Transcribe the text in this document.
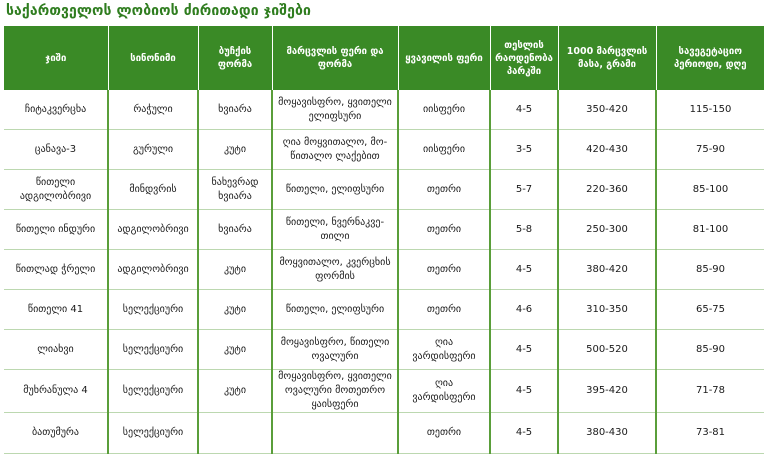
საქართველოს ლობიოს ძირითადი ჯიშები
ჯიში	სინონიმი	ბუჩქის ფორმა	მარცვლის ფერი და ფორმა	ყვავილის ფერი	თესლის რაოდენობა პარკში	1000 მარცვლის მასა, გრამი	სავეგეტაციო პერიოდი, დღე
ჩიტაკვერცხა	რაჭული	ხვიარა	მოყავისფრო, ყვითელი ელიფსური	იისფერი	4-5	350-420	115-150
ცანავა-3	გურული	კუტი	ღია მოყვითალო, მო-წითალო ლაქებით	იისფერი	3-5	420-430	75-90
წითელი ადგილობრივი	მინდვრის	ნახევრად ხვიარა	წითელი, ელიფსური	თეთრი	5-7	220-360	85-100
წითელი ინდური	ადგილობრივი	ხვიარა	წითელი, ნვერნაკვე-თილი	თეთრი	5-8	250-300	81-100
წითლად ჭრელი	ადგილობრივი	კუტი	მოყვითალო, კვერცხის ფორმის	თეთრი	4-5	380-420	85-90
წითელი 41	სელექციური	კუტი	წითელი, ელიფსური	თეთრი	4-6	310-350	65-75
ლიახვი	სელექციური	კუტი	მოყავისფრო, წითელი ოვალური	ღია ვარდისფერი	4-5	500-520	85-90
მუხრანულა 4	სელექციური	კუტი	მოყავისფრო, ყვითელი ოვალური მოთეთრო ყაისფერი	ღია ვარდისფერი	4-5	395-420	71-78
ბათუმურა	სელექციური			თეთრი	4-5	380-430	73-81
